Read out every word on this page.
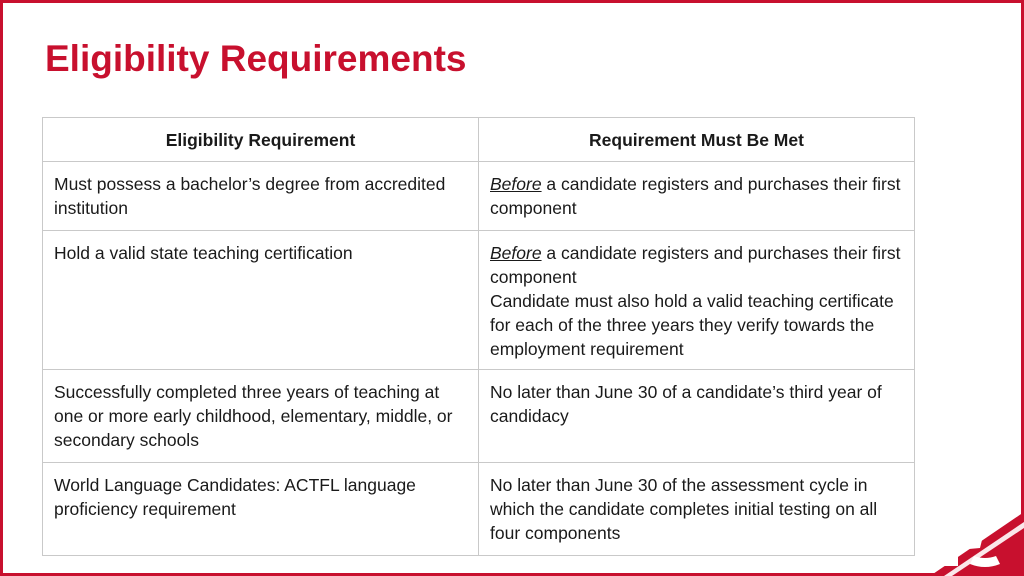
Eligibility Requirements
Eligibility Requirement	Requirement Must Be Met
Must possess a bachelor’s degree from accredited institution	Before a candidate registers and purchases their first component
Hold a valid state teaching certification	Before a candidate registers and purchases their first component
Candidate must also hold a valid teaching certificate for each of the three years they verify towards the employment requirement
Successfully completed three years of teaching at one or more early childhood, elementary, middle, or secondary schools	No later than June 30 of a candidate’s third year of candidacy
World Language Candidates: ACTFL language proficiency requirement	No later than June 30 of the assessment cycle in which the candidate completes initial testing on all four components
